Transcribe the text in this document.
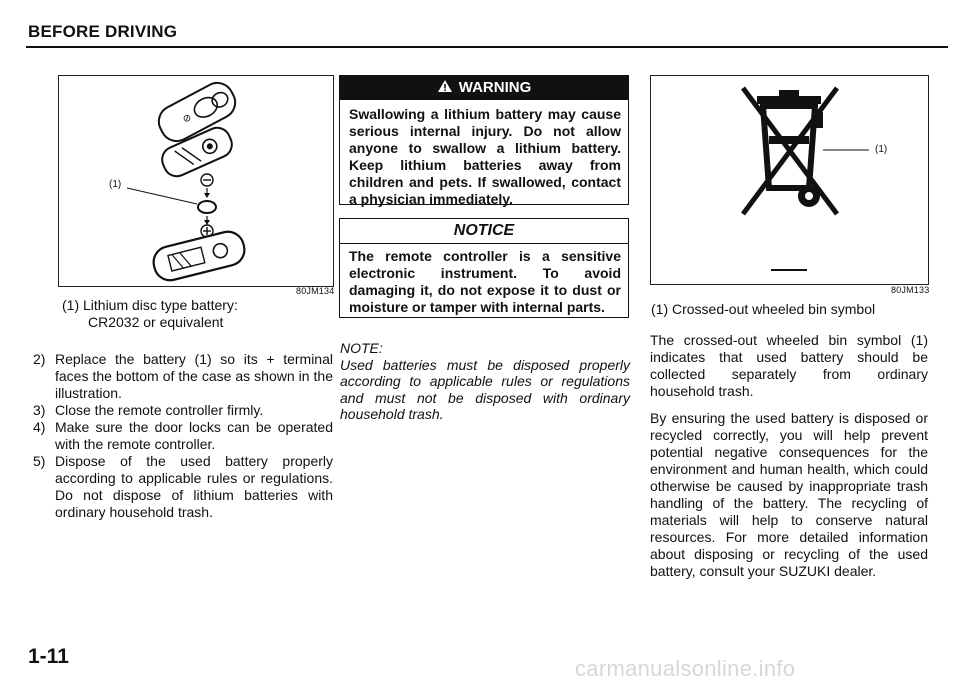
BEFORE DRIVING
⊘
(1)
80JM134
(1) Lithium disc type battery:
CR2032 or equivalent
2) Replace the battery (1) so its + terminal faces the bottom of the case as shown in the illustration.
3) Close the remote controller firmly.
4) Make sure the door locks can be operated with the remote controller.
5) Dispose of the used battery properly according to applicable rules or regulations. Do not dispose of lithium batteries with ordinary household trash.
WARNING
Swallowing a lithium battery may cause serious internal injury. Do not allow anyone to swallow a lithium battery. Keep lithium batteries away from children and pets. If swallowed, contact a physician immediately.
NOTICE
The remote controller is a sensitive electronic instrument. To avoid damaging it, do not expose it to dust or moisture or tamper with internal parts.
NOTE:
Used batteries must be disposed properly according to applicable rules or regulations and must not be disposed with ordinary household trash.
(1)
80JM133
(1) Crossed-out wheeled bin symbol
The crossed-out wheeled bin symbol (1) indicates that used battery should be collected separately from ordinary household trash.
By ensuring the used battery is disposed or recycled correctly, you will help prevent potential negative consequences for the environment and human health, which could otherwise be caused by inappropriate trash handling of the battery. The recycling of materials will help to conserve natural resources. For more detailed information about disposing or recycling of the used battery, consult your SUZUKI dealer.
1-11	carmanualsonline.info
